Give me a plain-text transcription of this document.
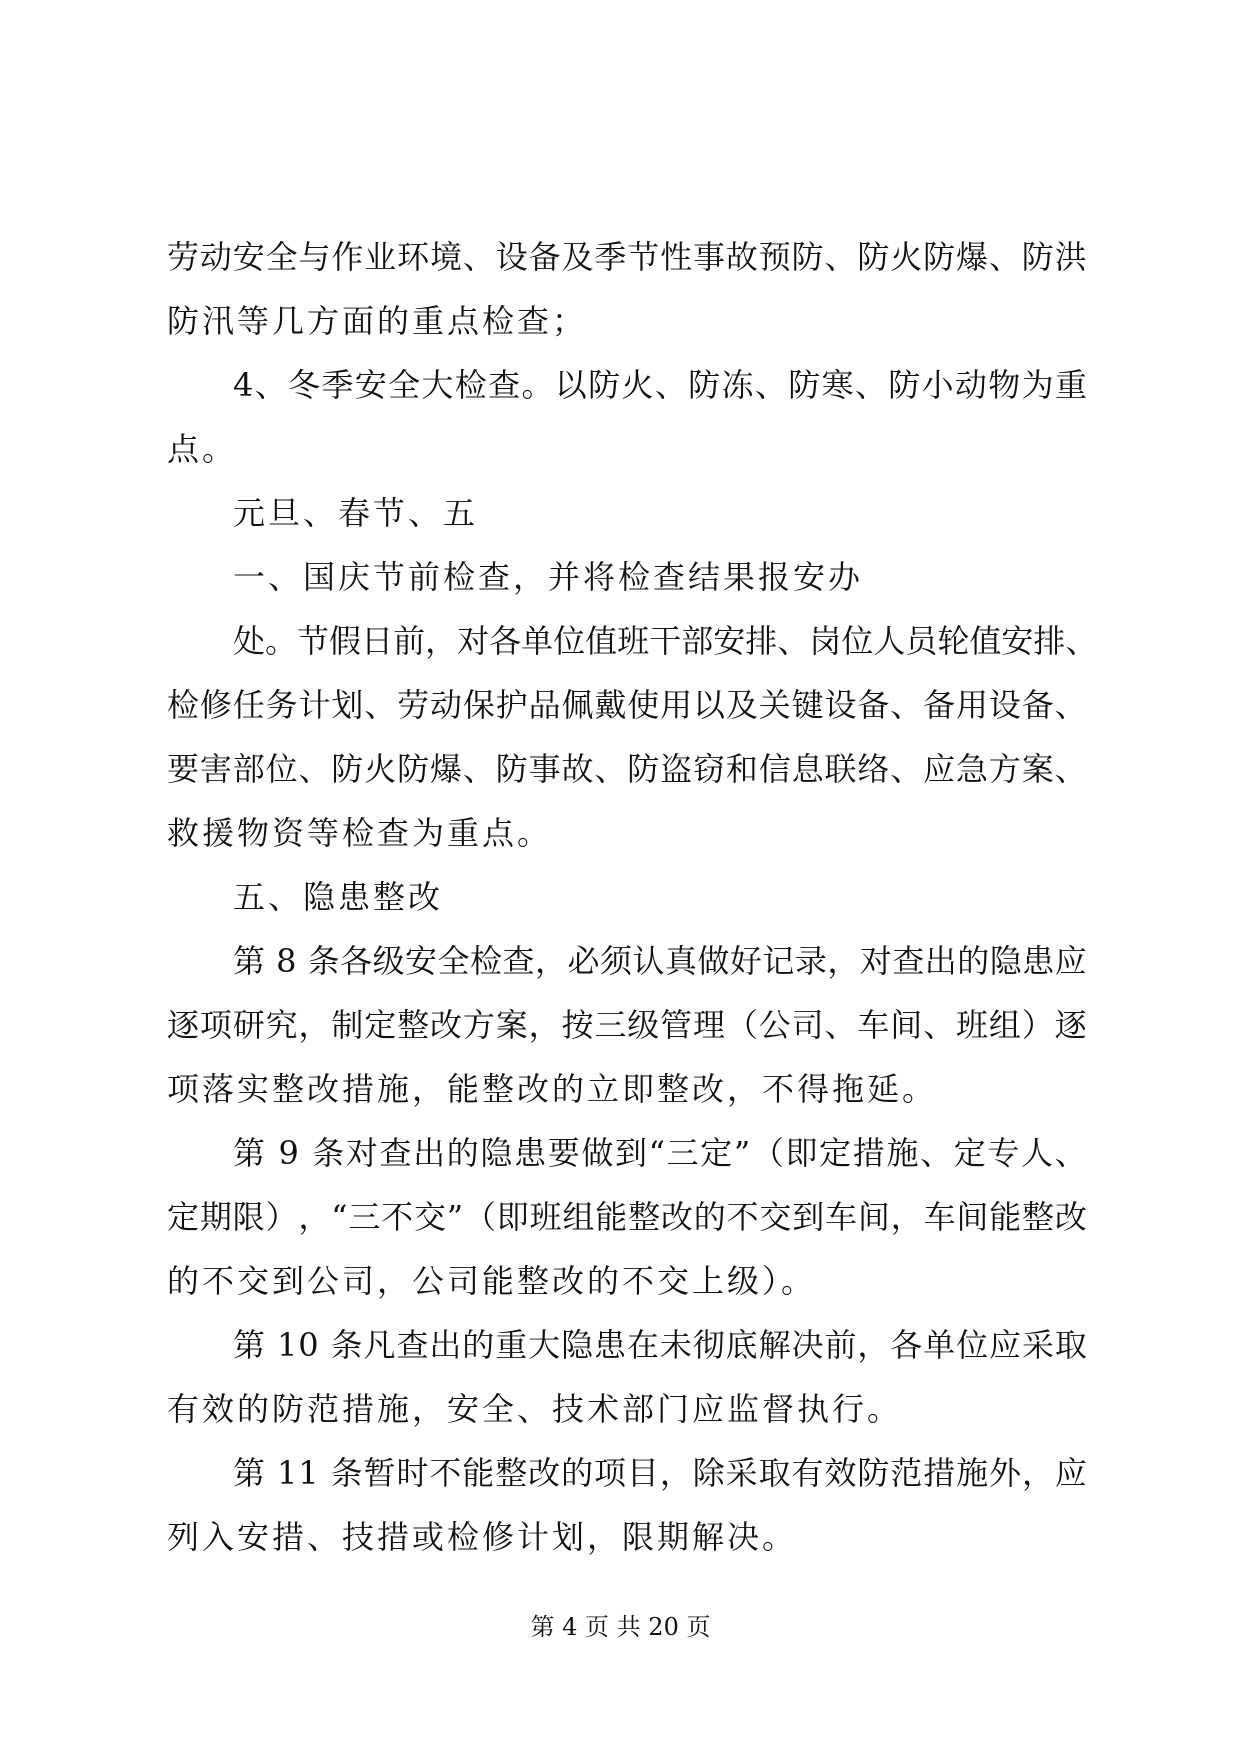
劳 动 安 全 与 作 业 环 境 、 设 备 及 季 节 性 事 故 预 防 、 防 火 防 爆 、 防 洪
防汛等几方面的重点检查；
4 、 冬 季 安 全 大 检 查 。 以 防 火 、 防 冻 、 防 寒 、 防 小 动 物 为 重
点。
元旦、春节、五
一、国庆节前检查，并将检查结果报安办
处 。 节 假 日 前 ， 对 各 单 位 值 班 干 部 安 排 、 岗 位 人 员 轮 值 安 排 、
检 修 任 务 计 划 、 劳 动 保 护 品 佩 戴 使 用 以 及 关 键 设 备 、 备 用 设 备 、
要 害 部 位 、 防 火 防 爆 、 防 事 故 、 防 盗 窃 和 信 息 联 络 、 应 急 方 案 、
救援物资等检查为重点。
五、隐患整改
第
8
条 各 级 安 全 检 查 ， 必 须 认 真 做 好 记 录 ， 对 查 出 的 隐 患 应
逐 项 研 究 ， 制 定 整 改 方 案 ， 按 三 级 管 理 （ 公 司 、 车 间 、 班 组 ） 逐
项落实整改措施，能整改的立即整改，不得拖延。
第
9
条 对 查 出 的 隐 患 要 做 到 “ 三 定 ” （ 即 定 措 施 、 定 专 人 、
定 期 限 ） ， “ 三 不 交 ” （ 即 班 组 能 整 改 的 不 交 到 车 间 ， 车 间 能 整 改
的不交到公司，公司能整改的不交上级）。
第
1 0
条 凡 查 出 的 重 大 隐 患 在 未 彻 底 解 决 前 ， 各 单 位 应 采 取
有效的防范措施，安全、技术部门应监督执行。
第
1 1
条 暂 时 不 能 整 改 的 项 目 ， 除 采 取 有 效 防 范 措 施 外 ， 应
列入安措、技措或检修计划，限期解决。
第 4 页 共 20 页
